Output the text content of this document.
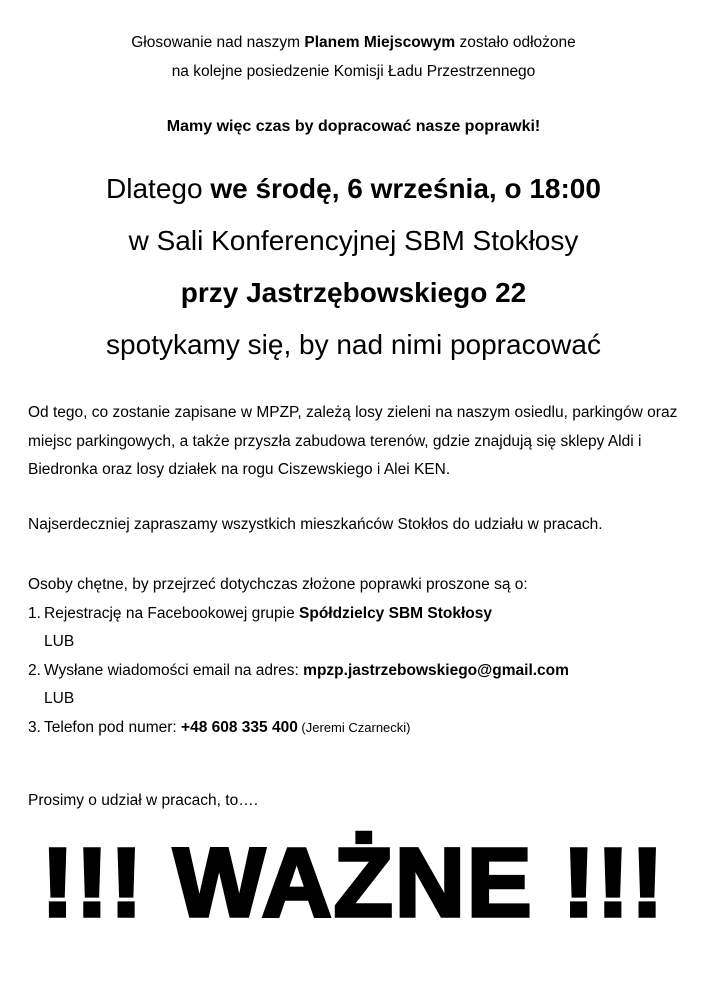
Głosowanie nad naszym Planem Miejscowym zostało odłożone
na kolejne posiedzenie Komisji Ładu Przestrzennego
Mamy więc czas by dopracować nasze poprawki!
Dlatego we środę, 6 września, o 18:00
w Sali Konferencyjnej SBM Stokłosy
przy Jastrzębowskiego 22
spotykamy się, by nad nimi popracować
Od tego, co zostanie zapisane w MPZP, zależą losy zieleni na naszym osiedlu, parkingów oraz miejsc parkingowych, a także przyszła zabudowa terenów, gdzie znajdują się sklepy Aldi i Biedronka oraz losy działek na rogu Ciszewskiego i Alei KEN.
Najserdeczniej zapraszamy wszystkich mieszkańców Stokłos do udziału w pracach.
Osoby chętne, by przejrzeć dotychczas złożone poprawki proszone są o:
1. Rejestrację na Facebookowej grupie Spółdzielcy SBM Stokłosy
LUB
2. Wysłane wiadomości email na adres: mpzp.jastrzebowskiego@gmail.com
LUB
3. Telefon pod numer: +48 608 335 400 (Jeremi Czarnecki)
Prosimy o udział w pracach, to….
!!! WAŻNE !!!
